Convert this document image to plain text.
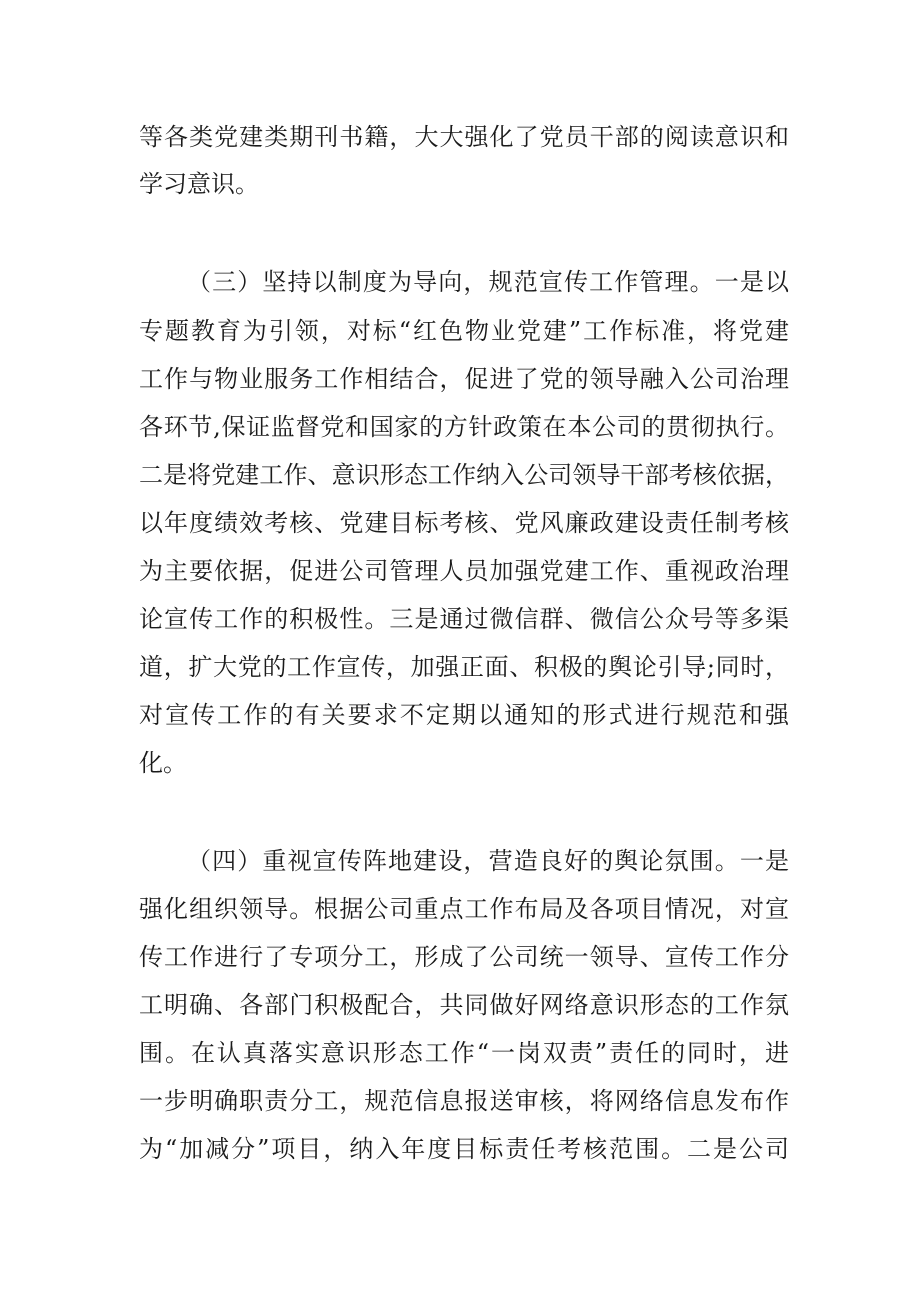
等各类党建类期刊书籍，大大强化了党员干部的阅读意识和
学习意识。
（三）坚持以制度为导向，规范宣传工作管理。一是以
专题教育为引领，对标“红色物业党建”工作标准，将党建
工作与物业服务工作相结合，促进了党的领导融入公司治理
各环节,保证监督党和国家的方针政策在本公司的贯彻执行。
二是将党建工作、意识形态工作纳入公司领导干部考核依据，
以年度绩效考核、党建目标考核、党风廉政建设责任制考核
为主要依据，促进公司管理人员加强党建工作、重视政治理
论宣传工作的积极性。三是通过微信群、微信公众号等多渠
道，扩大党的工作宣传，加强正面、积极的舆论引导;同时，
对宣传工作的有关要求不定期以通知的形式进行规范和强
化。
（四）重视宣传阵地建设，营造良好的舆论氛围。一是
强化组织领导。根据公司重点工作布局及各项目情况，对宣
传工作进行了专项分工，形成了公司统一领导、宣传工作分
工明确、各部门积极配合，共同做好网络意识形态的工作氛
围。在认真落实意识形态工作“一岗双责”责任的同时，进
一步明确职责分工，规范信息报送审核，将网络信息发布作
为“加减分”项目，纳入年度目标责任考核范围。二是公司
